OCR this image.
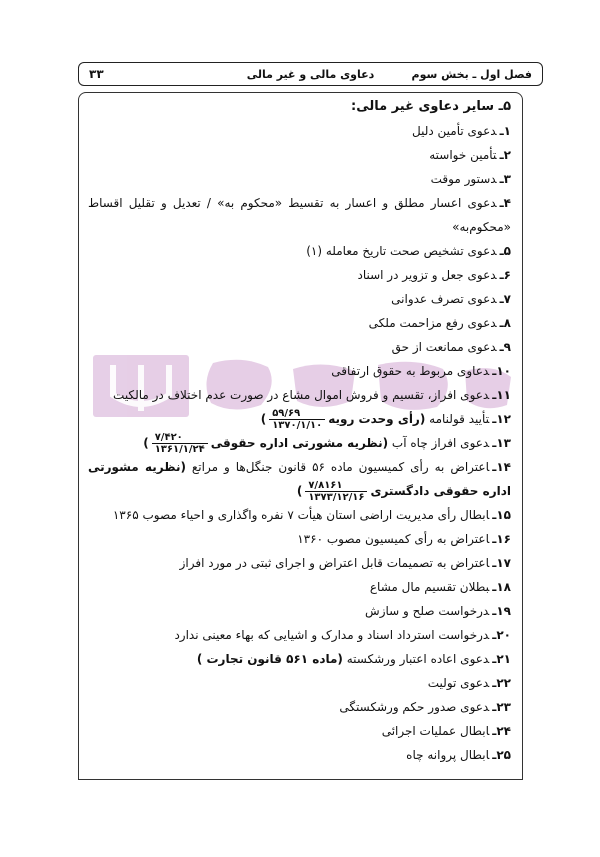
فصل اول ـ بخش سوم
دعاوی مالی و غیر مالی
۳۳
۵ـ سایر دعاوی غیر مالی:
۱ـدعوی تأمین دلیل
۲ـتأمین خواسته
۳ـدستور موقت
۴ـدعوی اعسار مطلق و اعسار به تقسیط «محکوم به» / تعدیل و تقلیل اقساط «محکوم‌به»
۵ـدعوی تشخیص صحت تاریخ معامله (۱)
۶ـدعوی جعل و تزویر در اسناد
۷ـدعوی تصرف عدوانی
۸ـدعوی رفع مزاحمت ملکی
۹ـدعوی ممانعت از حق
۱۰ـدعاوی مربوط به حقوق ارتفاقی
۱۱ـدعوی افراز، تقسیم و فروش اموال مشاع در صورت عدم اختلاف در مالکیت
۱۲ـتأیید قولنامه (رأی وحدت رویه
$\frac{۵۹/۶۹}{۱۳۷۰/۱/۱۰}$
)
۱۳ـدعوی افراز چاه آب (نظریه مشورتی اداره حقوقی
$\frac{۷/۴۲۰}{۱۳۶۱/۱/۲۴}$
)
۱۴ـاعتراض به رأی کمیسیون ماده ۵۶ قانون جنگل‌ها و مراتع (نظریه مشورتی اداره حقوقی دادگستری
$\frac{۷/۸۱۶۱}{۱۳۷۳/۱۲/۱۶}$
)
۱۵ـابطال رأی مدیریت اراضی استان هیأت ۷ نفره واگذاری و احیاء مصوب ۱۳۶۵
۱۶ـاعتراض به رأی کمیسیون مصوب ۱۳۶۰
۱۷ـاعتراض به تصمیمات قابل اعتراض و اجرای ثبتی در مورد افراز
۱۸ـبطلان تقسیم مال مشاع
۱۹ـدرخواست صلح و سازش
۲۰ـدرخواست استرداد اسناد و مدارک و اشیایی که بهاء معینی ندارد
۲۱ـدعوی اعاده اعتبار ورشکسته (ماده ۵۶۱ قانون تجارت )
۲۲ـدعوی تولیت
۲۳ـدعوی صدور حکم ورشکستگی
۲۴ـابطال عملیات اجرائی
۲۵ـابطال پروانه چاه
